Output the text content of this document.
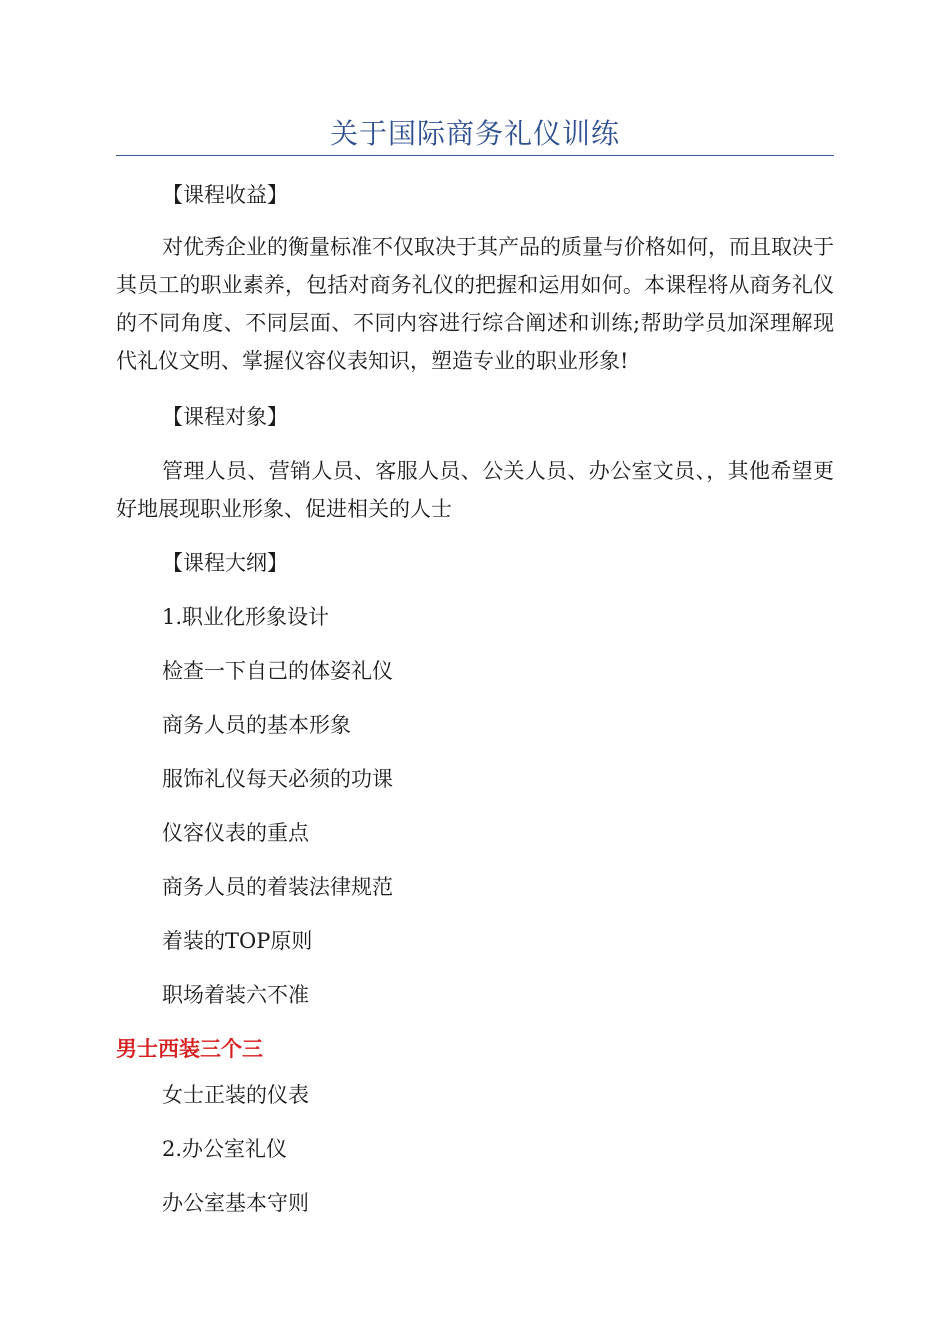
关于国际商务礼仪训练

【课程收益】

对优秀企业的衡量标准不仅取决于其产品的质量与价格如何，而且取决于其员工的职业素养，包括对商务礼仪的把握和运用如何。本课程将从商务礼仪的不同角度、不同层面、不同内容进行综合阐述和训练;帮助学员加深理解现代礼仪文明、掌握仪容仪表知识，塑造专业的职业形象!

【课程对象】

管理人员、营销人员、客服人员、公关人员、办公室文员、，其他希望更好地展现职业形象、促进相关的人士

【课程大纲】

1.职业化形象设计

检查一下自己的体姿礼仪

商务人员的基本形象

服饰礼仪每天必须的功课

仪容仪表的重点

商务人员的着装法律规范

着装的TOP原则

职场着装六不准

男士西装三个三

女士正装的仪表

2.办公室礼仪

办公室基本守则
